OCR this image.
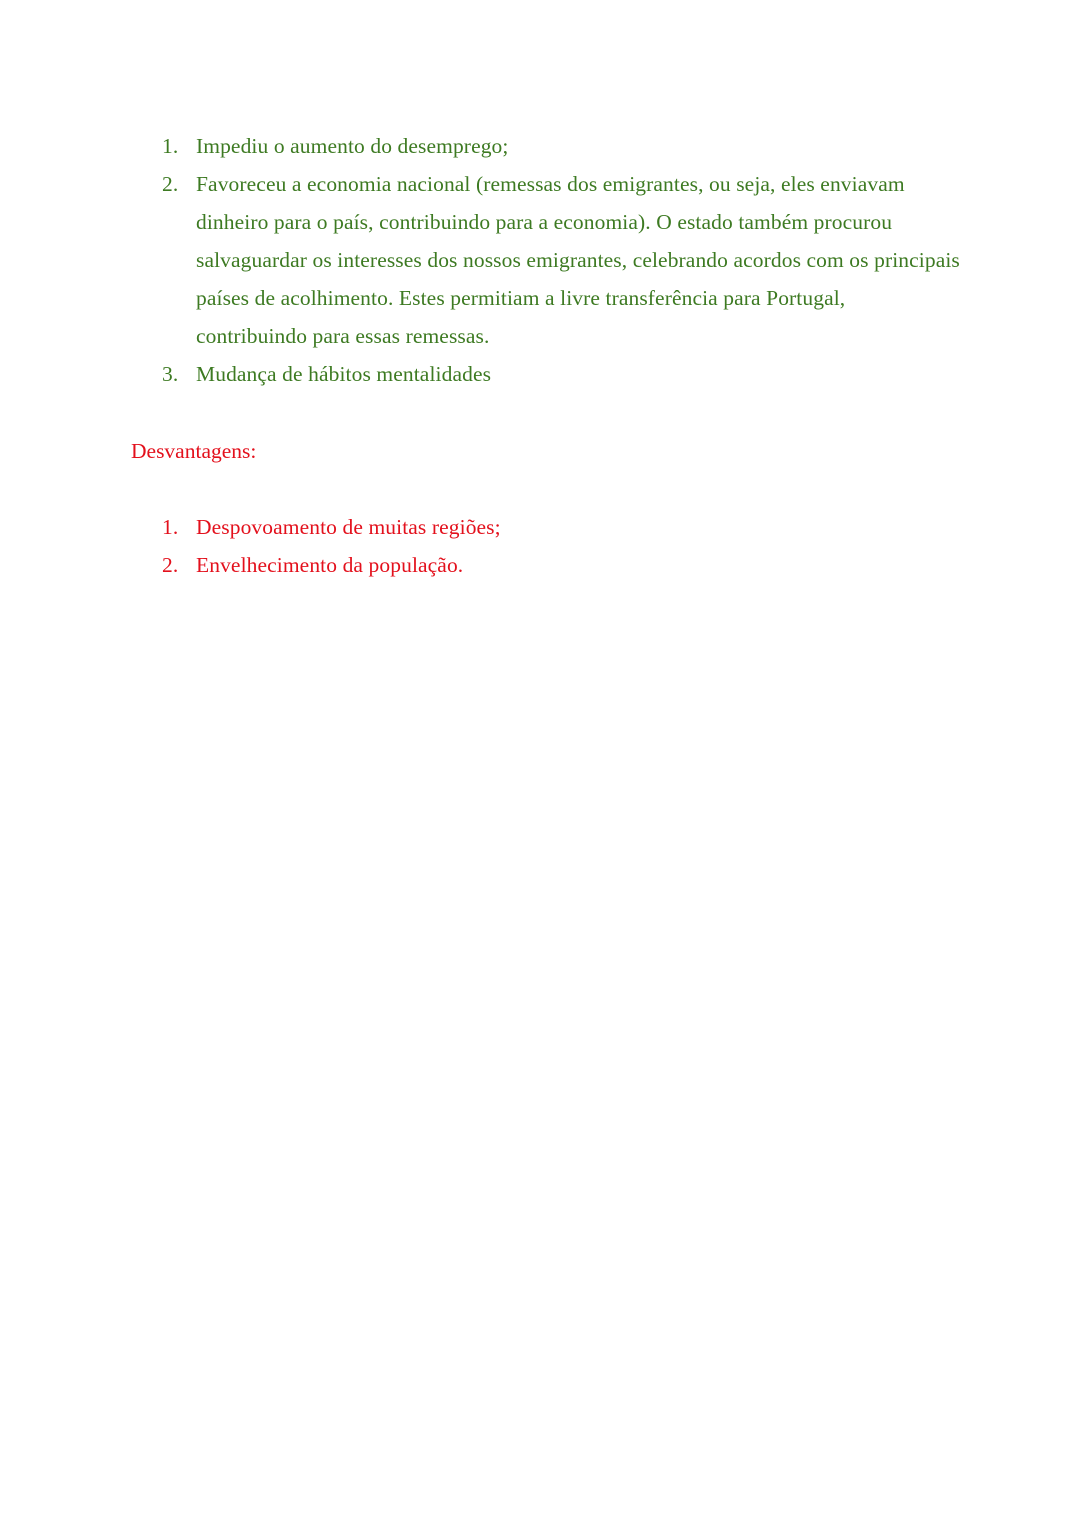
1. Impediu o aumento do desemprego;
2. Favoreceu a economia nacional (remessas dos emigrantes, ou seja, eles enviavam dinheiro para o país, contribuindo para a economia). O estado também procurou salvaguardar os interesses dos nossos emigrantes, celebrando acordos com os principais países de acolhimento. Estes permitiam a livre transferência para Portugal, contribuindo para essas remessas.
3. Mudança de hábitos mentalidades
Desvantagens:
1. Despovoamento de muitas regiões;
2. Envelhecimento da população.
